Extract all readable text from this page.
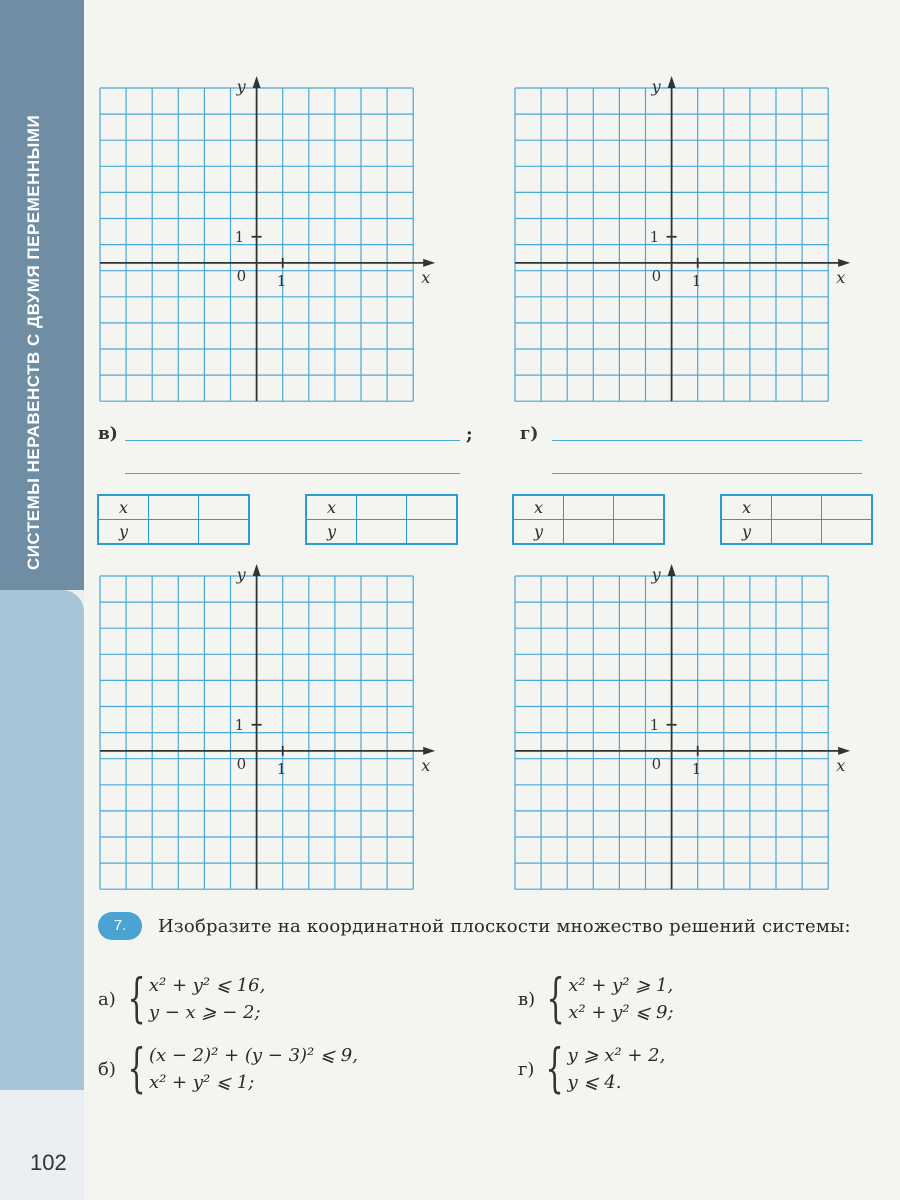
СИСТЕМЫ НЕРАВЕНСТВ С ДВУМЯ ПЕРЕМЕННЫМИ
y
x
0 1
1
y
x
0 1
1
y
x
0 1
1
y
x
0 1
1
в)	;	г)
x		
y		
x		
y		
x		
y		
x		
y		
Изобразите на координатной плоскости множество решений системы:
7.
а) { x² + y² ⩽ 16,
y − x ⩾ − 2;
б) { (x − 2)² + (y − 3)² ⩽ 9,
x² + y² ⩽ 1;
в) { x² + y² ⩾ 1,
x² + y² ⩽ 9;
г) { y ⩾ x² + 2,
y ⩽ 4.
102
